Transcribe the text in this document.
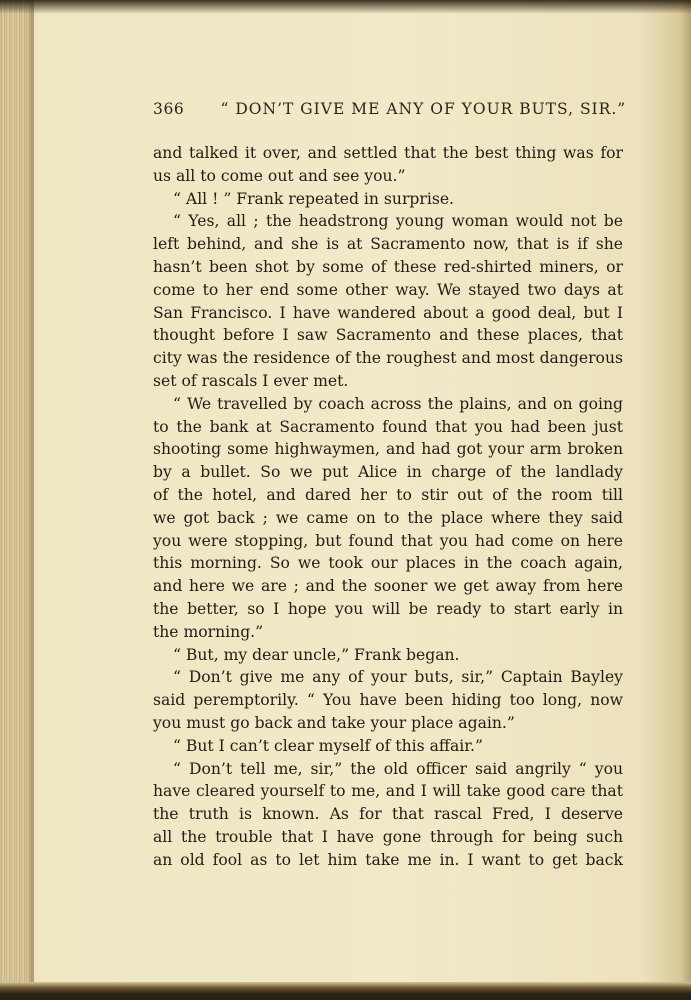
366 “ DON’T GIVE ME ANY OF YOUR BUTS, SIR.”
and talked it over, and settled that the best thing was for
us all to come out and see you.”
“ All ! ” Frank repeated in surprise.
“ Yes, all ; the headstrong young woman would not be
left behind, and she is at Sacramento now, that is if she
hasn’t been shot by some of these red-shirted miners, or
come to her end some other way. We stayed two days at
San Francisco. I have wandered about a good deal, but I
thought before I saw Sacramento and these places, that
city was the residence of the roughest and most dangerous
set of rascals I ever met.
“ We travelled by coach across the plains, and on going
to the bank at Sacramento found that you had been just
shooting some highwaymen, and had got your arm broken
by a bullet. So we put Alice in charge of the landlady
of the hotel, and dared her to stir out of the room till
we got back ; we came on to the place where they said
you were stopping, but found that you had come on here
this morning. So we took our places in the coach again,
and here we are ; and the sooner we get away from here
the better, so I hope you will be ready to start early in
the morning.”
“ But, my dear uncle,” Frank began.
“ Don’t give me any of your buts, sir,” Captain Bayley
said peremptorily. “ You have been hiding too long, now
you must go back and take your place again.”
“ But I can’t clear myself of this affair.”
“ Don’t tell me, sir,” the old officer said angrily “ you
have cleared yourself to me, and I will take good care that
the truth is known. As for that rascal Fred, I deserve
all the trouble that I have gone through for being such
an old fool as to let him take me in. I want to get back
